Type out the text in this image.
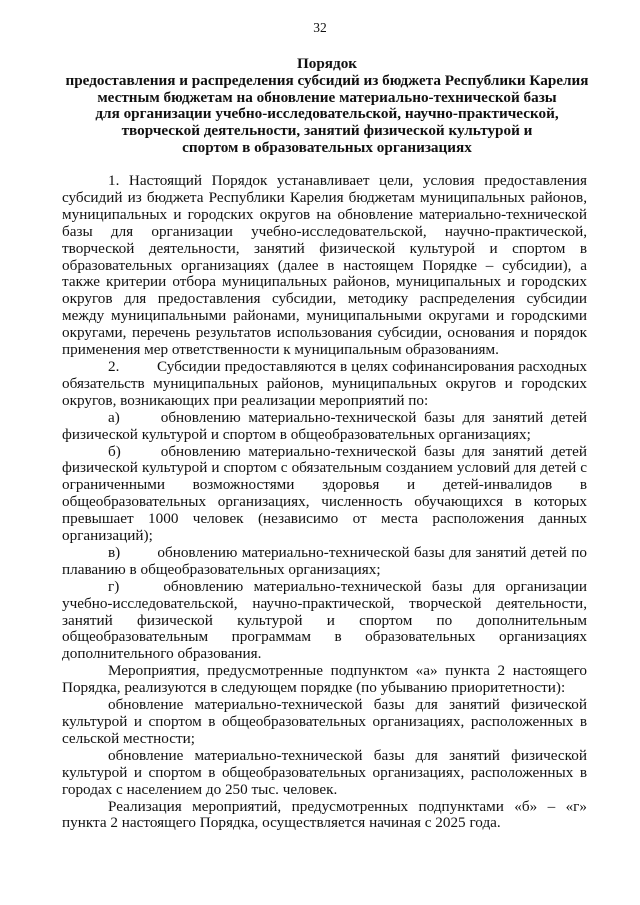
32
Порядок
предоставления и распределения субсидий из бюджета Республики Карелия
местным бюджетам на обновление материально-технической базы
для организации учебно-исследовательской, научно-практической,
творческой деятельности, занятий физической культурой и
спортом в образовательных организациях

1. Настоящий Порядок устанавливает цели, условия предоставления субсидий из бюджета Республики Карелия бюджетам муниципальных районов, муниципальных и городских округов на обновление материально-технической базы для организации учебно-исследовательской, научно-практической, творческой деятельности, занятий физической культурой и спортом в образовательных организациях (далее в настоящем Порядке – субсидии), а также критерии отбора муниципальных районов, муниципальных и городских округов для предоставления субсидии, методику распределения субсидии между муниципальными районами, муниципальными округами и городскими округами, перечень результатов использования субсидии, основания и порядок применения мер ответственности к муниципальным образованиям.

2. Субсидии предоставляются в целях софинансирования расходных обязательств муниципальных районов, муниципальных округов и городских округов, возникающих при реализации мероприятий по:

а)	обновлению материально-технической базы для занятий детей физической культурой и спортом в общеобразовательных организациях;

б)	обновлению материально-технической базы для занятий детей физической культурой и спортом с обязательным созданием условий для детей с ограниченными возможностями здоровья и детей-инвалидов в общеобразовательных организациях, численность обучающихся в которых превышает 1000 человек (независимо от места расположения данных организаций);

в) обновлению материально-технической базы для занятий детей по плаванию в общеобразовательных организациях;

г)	обновлению материально-технической базы для организации учебно-исследовательской, научно-практической, творческой деятельности, занятий физической культурой и спортом по дополнительным общеобразовательным программам в образовательных организациях дополнительного образования.

Мероприятия, предусмотренные подпунктом «а» пункта 2 настоящего Порядка, реализуются в следующем порядке (по убыванию приоритетности):

обновление материально-технической базы для занятий физической культурой и спортом в общеобразовательных организациях, расположенных в сельской местности;

обновление материально-технической базы для занятий физической культурой и спортом в общеобразовательных организациях, расположенных в городах с населением до 250 тыс. человек.

Реализация мероприятий, предусмотренных подпунктами «б» – «г» пункта 2 настоящего Порядка, осуществляется начиная с 2025 года.
